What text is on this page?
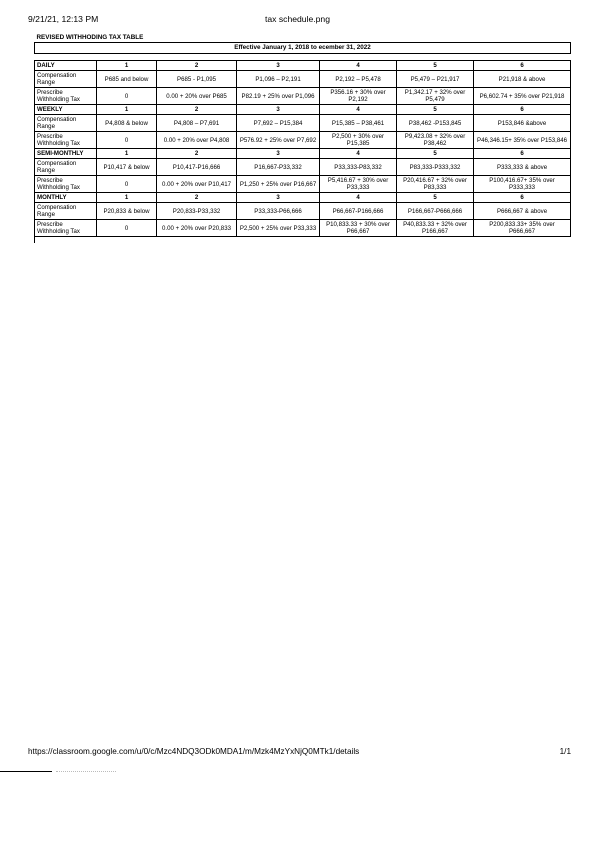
9/21/21, 12:13 PM	tax schedule.png
REVISED WITHHODING TAX TABLE						
Effective January 1, 2018 to ecember 31, 2022						

DAILY	1	2	3	4	5	6
Compensation Range	P685 and below	P685 - P1,095	P1,096 – P2,191	P2,192 – P5,478	P5,479 – P21,917	P21,918 & above
Prescribe Withholding Tax	0	0.00 + 20% over P685	P82.19 + 25% over P1,096	P356.16 + 30% over P2,192	P1,342.17 + 32% over P5,479	P6,602.74 + 35% over P21,918
WEEKLY	1	2	3	4	5	6
Compensation Range	P4,808 & below	P4,808 – P7,691	P7,692 – P15,384	P15,385 – P38,461	P38,462 -P153,845	P153,846 &above
Prescribe Withholding Tax	0	0.00 + 20% over P4,808	P576.92 + 25% over P7,692	P2,500 + 30% over P15,385	P9,423.08 + 32% over P38,462	P46,346.15+ 35% over P153,846
SEMI-MONTHLY	1	2	3	4	5	6
Compensation Range	P10,417 & below	P10,417-P16,666	P16,667-P33,332	P33,333-P83,332	P83,333-P333,332	P333,333 & above
Prescribe Withholding Tax	0	0.00 + 20% over P10,417	P1,250 + 25% over P16,667	P5,416.67 + 30% over P33,333	P20,416.67 + 32% over P83,333	P100,416.67+ 35% over P333,333
MONTHLY	1	2	3	4	5	6
Compensation Range	P20,833 & below	P20,833-P33,332	P33,333-P66,666	P66,667-P166,666	P166,667-P666,666	P666,667 & above
Prescribe Withholding Tax	0	0.00 + 20% over P20,833	P2,500 + 25% over P33,333	P10,833.33 + 30% over P66,667	P40,833.33 + 32% over P166,667	P200,833.33+ 35% over P666,667
https://classroom.google.com/u/0/c/Mzc4NDQ3ODk0MDA1/m/Mzk4MzYxNjQ0MTk1/details	1/1
